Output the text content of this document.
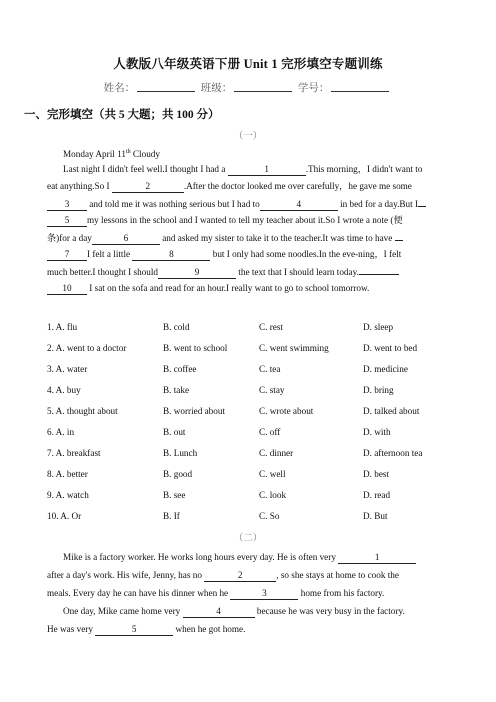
人教版八年级英语下册 Unit 1 完形填空专题训练
姓名：	班级：	学号：
一、完形填空（共 5 大题；共 100 分）
（一）
Monday April 11th Cloudy
Last night I didn't feel well.I thought I had a	1	.This morning，I didn't want to
eat anything.So I	2	.After the doctor looked me over carefully，he gave me some
3 and told me it was nothing serious but I had to	4	in bed for a day.But I
5 my lessons in the school and I wanted to tell my teacher about it.So I wrote a note (便
条)for a day	6	and asked my sister to take it to the teacher.It was time to have
7 I felt a little	8	but I only had some noodles.In the eve-ning，I felt
much better.I thought I should	9	the text that I should learn today.
10 I sat on the sofa and read for an hour.I really want to go to school tomorrow.
1. A. flu	B. cold	C. rest	D. sleep
2. A. went to a doctor	B. went to school	C. went swimming	D. went to bed
3. A. water	B. coffee	C. tea	D. medicine
4. A. buy	B. take	C. stay	D. bring
5. A. thought about	B. worried about	C. wrote about	D. talked about
6. A. in	B. out	C. off	D. with
7. A. breakfast	B. Lunch	C. dinner	D. afternoon tea
8. A. better	B. good	C. well	D. best
9. A. watch	B. see	C. look	D. read
10. A. Or	B. If	C. So	D. But
（二）
Mike is a factory worker. He works long hours every day. He is often very	1
after a day's work. His wife, Jenny, has no	2	, so she stays at home to cook the
meals. Every day he can have his dinner when he	3	home from his factory.
One day, Mike came home very	4	because he was very busy in the factory.
He was very	5	when he got home.
